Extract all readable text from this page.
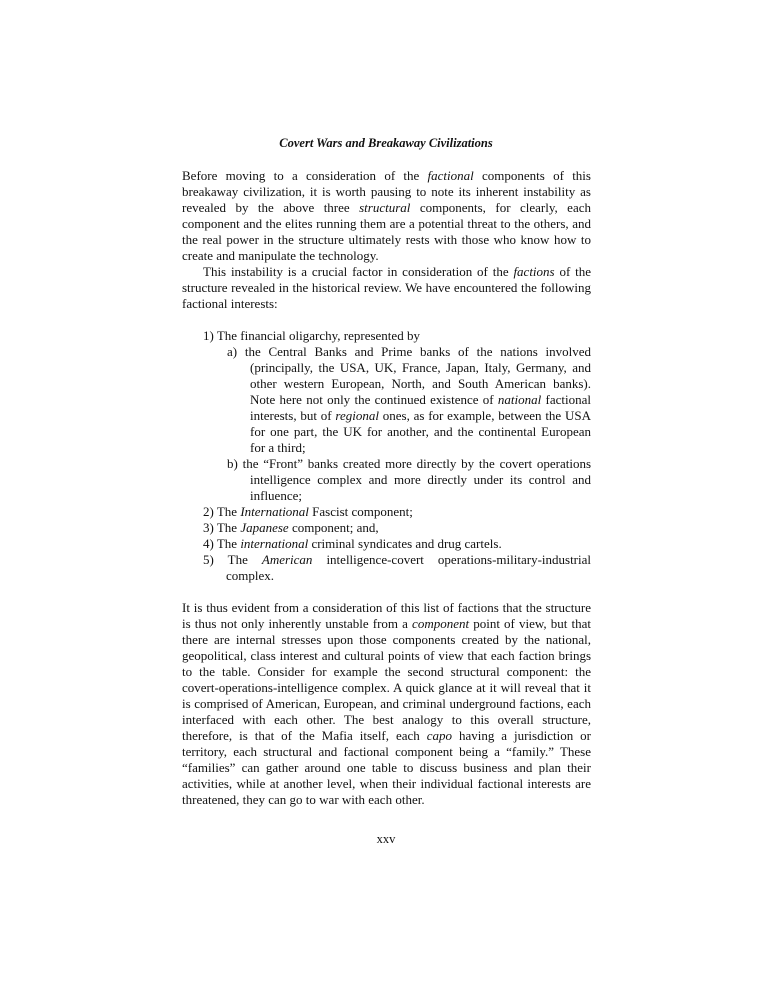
Covert Wars and Breakaway Civilizations

Before moving to a consideration of the factional components of this breakaway civilization, it is worth pausing to note its inherent instability as revealed by the above three structural components, for clearly, each component and the elites running them are a potential threat to the others, and the real power in the structure ultimately rests with those who know how to create and manipulate the technology.

This instability is a crucial factor in consideration of the factions of the structure revealed in the historical review. We have encountered the following factional interests:

1) The financial oligarchy, represented by
a) the Central Banks and Prime banks of the nations involved (principally, the USA, UK, France, Japan, Italy, Germany, and other western European, North, and South American banks). Note here not only the continued existence of national factional interests, but of regional ones, as for example, between the USA for one part, the UK for another, and the continental European for a third;
b) the “Front” banks created more directly by the covert operations intelligence complex and more directly under its control and influence;
2) The International Fascist component;
3) The Japanese component; and,
4) The international criminal syndicates and drug cartels.
5) The American intelligence-covert operations-military-industrial complex.

It is thus evident from a consideration of this list of factions that the structure is thus not only inherently unstable from a component point of view, but that there are internal stresses upon those components created by the national, geopolitical, class interest and cultural points of view that each faction brings to the table. Consider for example the second structural component: the covert-operations-intelligence complex. A quick glance at it will reveal that it is comprised of American, European, and criminal underground factions, each interfaced with each other. The best analogy to this overall structure, therefore, is that of the Mafia itself, each capo having a jurisdiction or territory, each structural and factional component being a “family.” These “families” can gather around one table to discuss business and plan their activities, while at another level, when their individual factional interests are threatened, they can go to war with each other.

xxv
